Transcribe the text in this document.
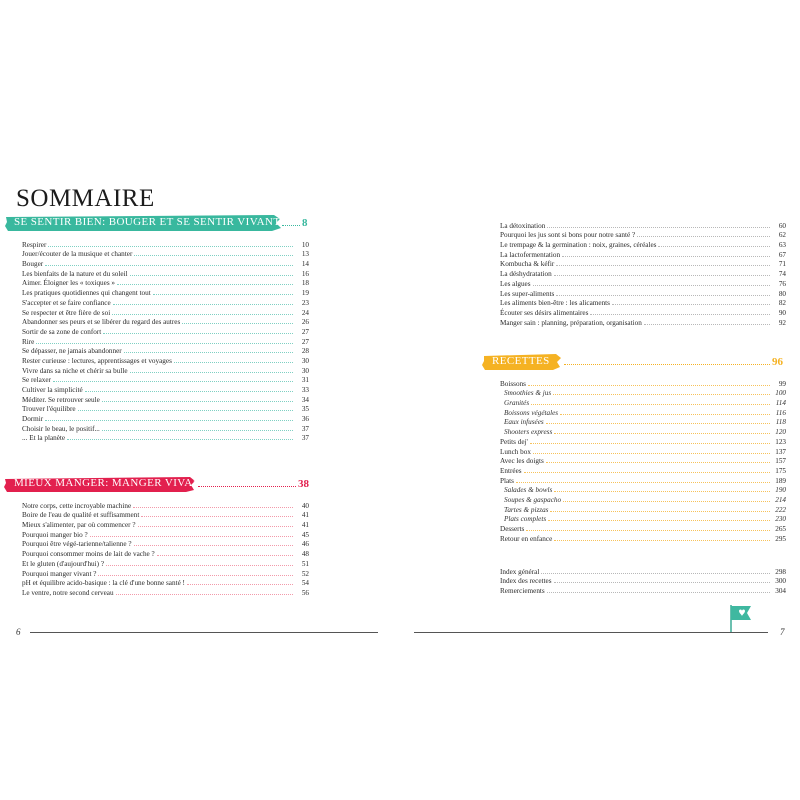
SOMMAIRE
SE SENTIR BIEN: BOUGER ET SE SENTIR VIVANTE 8
Respirer	10
Jouer/écouter de la musique et chanter	13
Bouger	14
Les bienfaits de la nature et du soleil	16
Aimer. Éloigner les « toxiques »	18
Les pratiques quotidiennes qui changent tout	19
S'accepter et se faire confiance	23
Se respecter et être fière de soi	24
Abandonner ses peurs et se libérer du regard des autres	26
Sortir de sa zone de confort	27
Rire	27
Se dépasser, ne jamais abandonner	28
Rester curieuse : lectures, apprentissages et voyages	30
Vivre dans sa niche et chérir sa bulle	30
Se relaxer	31
Cultiver la simplicité	33
Méditer. Se retrouver seule	34
Trouver l'équilibre	35
Dormir	36
Choisir le beau, le positif...	37
... Et la planète	37
MIEUX MANGER: MANGER VIVANT	38
Notre corps, cette incroyable machine	40
Boire de l'eau de qualité et suffisamment	41
Mieux s'alimenter, par où commencer ?	41
Pourquoi manger bio ?	45
Pourquoi être végé-tarienne/talienne ?	46
Pourquoi consommer moins de lait de vache ?	48
Et le gluten (d'aujourd'hui) ?	51
Pourquoi manger vivant ?	52
pH et équilibre acido-basique : la clé d'une bonne santé !	54
Le ventre, notre second cerveau	56
6
La détoxination	60
Pourquoi les jus sont si bons pour notre santé ?	62
Le trempage & la germination : noix, graines, céréales	63
La lactofermentation	67
Kombucha & kéfir	71
La déshydratation	74
Les algues	76
Les super-aliments	80
Les aliments bien-être : les alicaments	82
Écouter ses désirs alimentaires	90
Manger sain : planning, préparation, organisation	92
RECETTES	96
Boissons	99
Smoothies & jus	100
Granités	114
Boissons végétales	116
Eaux infusées	118
Shooters express	120
Petits dej'	123
Lunch box	137
Avec les doigts	157
Entrées	175
Plats	189
Salades & bowls	190
Soupes & gaspacho	214
Tartes & pizzas	222
Plats complets	230
Desserts	265
Retour en enfance	295
Index général	298
Index des recettes	300
Remerciements	304
7
